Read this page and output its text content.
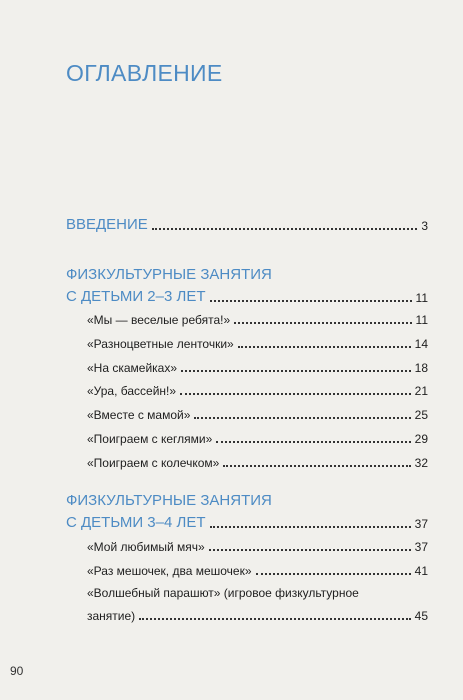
ОГЛАВЛЕНИЕ
ВВЕДЕНИЕ	3
ФИЗКУЛЬТУРНЫЕ ЗАНЯТИЯ
С ДЕТЬМИ 2–3 ЛЕТ	11
«Мы — веселые ребята!»	11
«Разноцветные ленточки»	14
«На скамейках»	18
«Ура, бассейн!»	21
«Вместе с мамой»	25
«Поиграем с кеглями»	29
«Поиграем с колечком»	32
ФИЗКУЛЬТУРНЫЕ ЗАНЯТИЯ
С ДЕТЬМИ 3–4 ЛЕТ	37
«Мой любимый мяч»	37
«Раз мешочек, два мешочек»	41
«Волшебный парашют» (игровое физкультурное
занятие)	45
90
